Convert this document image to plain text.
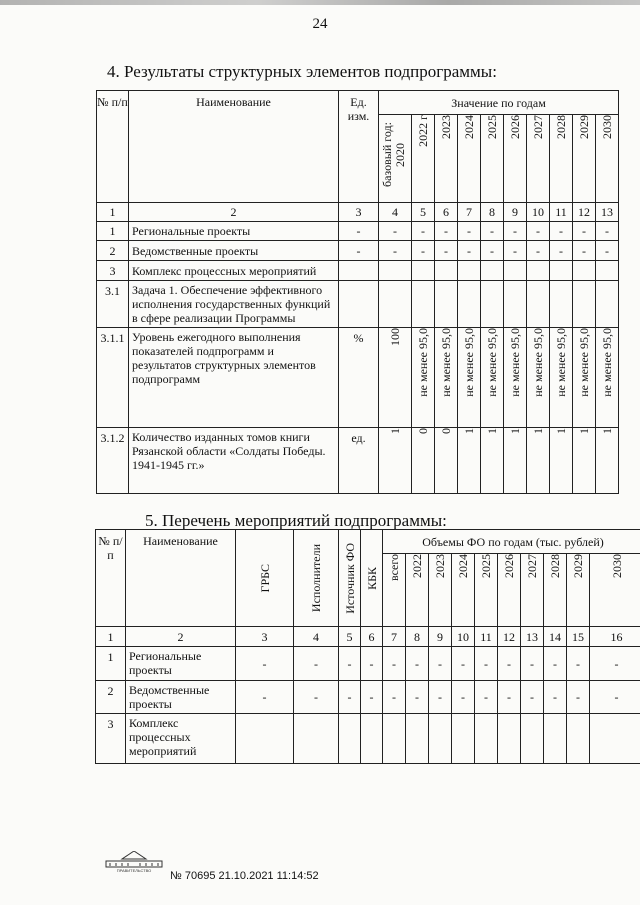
24
4. Результаты структурных элементов подпрограммы:
№ п/п	Наименование	Ед. изм.	Значение по годам									

			базовый год: 2020	2022 г	2023	2024	2025	2026	2027	2028	2029	2030

1	2	3	4	5	6	7	8	9	10	11	12	13
1	Региональные проекты	-	-	-	-	-	-	-	-	-	-	-
2	Ведомственные проекты	-	-	-	-	-	-	-	-	-	-	-
3	Комплекс процессных мероприятий											
3.1	Задача 1. Обеспечение эффективного исполнения государственных функций в сфере реализации Программы											
3.1.1	Уровень ежегодного выполнения показателей подпрограмм и результатов структурных элементов подпрограмм	%	100	не менее 95,0	не менее 95,0	не менее 95,0	не менее 95,0	не менее 95,0	не менее 95,0	не менее 95,0	не менее 95,0	не менее 95,0

3.1.2	Количество изданных томов книги Рязанской области «Солдаты Победы. 1941-1945 гг.»	ед.	1	0	0	1	1	1	1	1	1	1
5. Перечень мероприятий подпрограммы:
№ п/п	Наименование	ГРБС	Исполнители	Источник ФО	КБК	Объемы ФО по годам (тыс. рублей)									

						всего	2022	2023	2024	2025	2026	2027	2028	2029	2030

1	2	3	4	5	6	7	8	9	10	11	12	13	14	15	16
1	Региональные проекты	-	-	-	-	-	-	-	-	-	-	-	-	-	-
2	Ведомственные проекты	-	-	-	-	-	-	-	-	-	-	-	-	-	-
3	Комплекс процессных мероприятий														
ПРАВИТЕЛЬСТВО № 70695 21.10.2021 11:14:52
